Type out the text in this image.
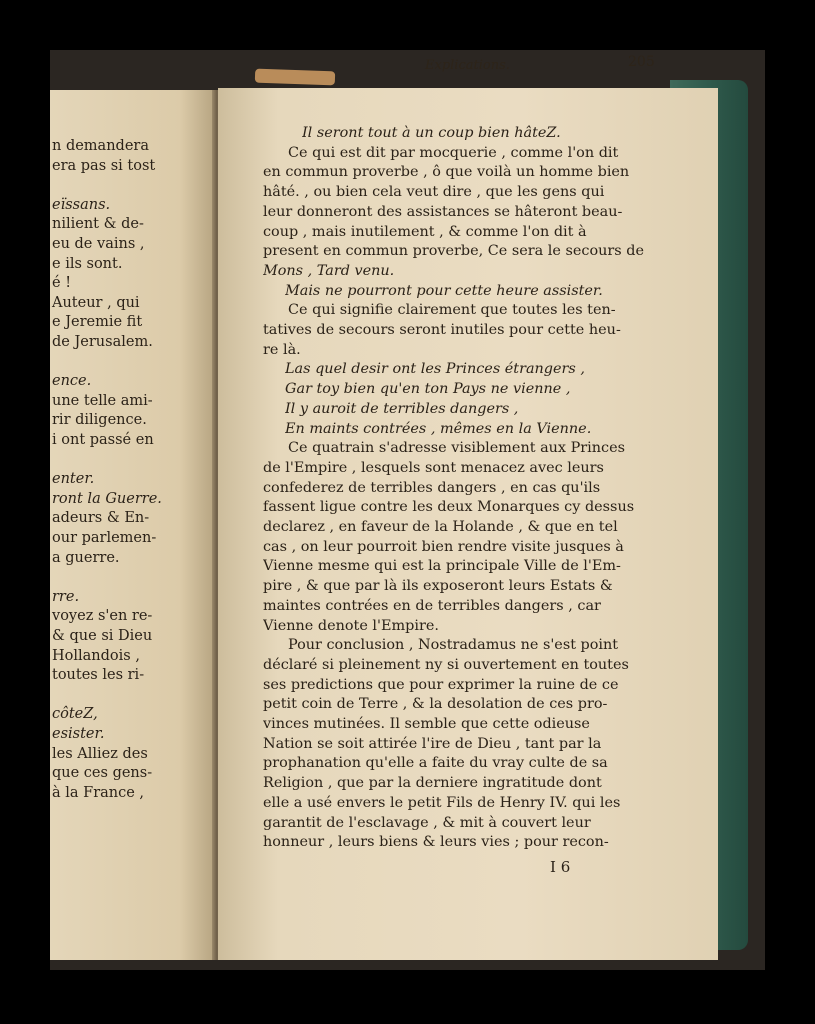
n demandera
era pas si tost
eïssans.
nilient & de-
eu de vains ,
e ils sont.
é !
Auteur , qui
e Jeremie fit
de Jerusalem.
ence.
une telle ami-
rir diligence.
i ont passé en
enter.
ront la Guerre.
adeurs & En-
our parlemen-
a guerre.
rre.
voyez s'en re-
& que si Dieu
Hollandois ,
toutes les ri-
côteZ,
esister.
les Alliez des
que ces gens-
à la France ,
Explications.	205
Il seront tout à un coup bien hâteZ.
Ce qui est dit par mocquerie , comme l'on dit
en commun proverbe , ô que voilà un homme bien
hâté. , ou bien cela veut dire , que les gens qui
leur donneront des assistances se hâteront beau-
coup , mais inutilement , & comme l'on dit à
present en commun proverbe, Ce sera le secours de
Mons , Tard venu.
Mais ne pourront pour cette heure assister.
Ce qui signifie clairement que toutes les ten-
tatives de secours seront inutiles pour cette heu-
re là.
Las quel desir ont les Princes étrangers ,
Gar toy bien qu'en ton Pays ne vienne ,
Il y auroit de terribles dangers ,
En maints contrées , mêmes en la Vienne.
Ce quatrain s'adresse visiblement aux Princes
de l'Empire , lesquels sont menacez avec leurs
confederez de terribles dangers , en cas qu'ils
fassent ligue contre les deux Monarques cy dessus
declarez , en faveur de la Holande , & que en tel
cas , on leur pourroit bien rendre visite jusques à
Vienne mesme qui est la principale Ville de l'Em-
pire , & que par là ils exposeront leurs Estats &
maintes contrées en de terribles dangers , car
Vienne denote l'Empire.
Pour conclusion , Nostradamus ne s'est point
déclaré si pleinement ny si ouvertement en toutes
ses predictions que pour exprimer la ruine de ce
petit coin de Terre , & la desolation de ces pro-
vinces mutinées. Il semble que cette odieuse
Nation se soit attirée l'ire de Dieu , tant par la
prophanation qu'elle a faite du vray culte de sa
Religion , que par la derniere ingratitude dont
elle a usé envers le petit Fils de Henry IV. qui les
garantit de l'esclavage , & mit à couvert leur
honneur , leurs biens & leurs vies ; pour recon-
I 6
